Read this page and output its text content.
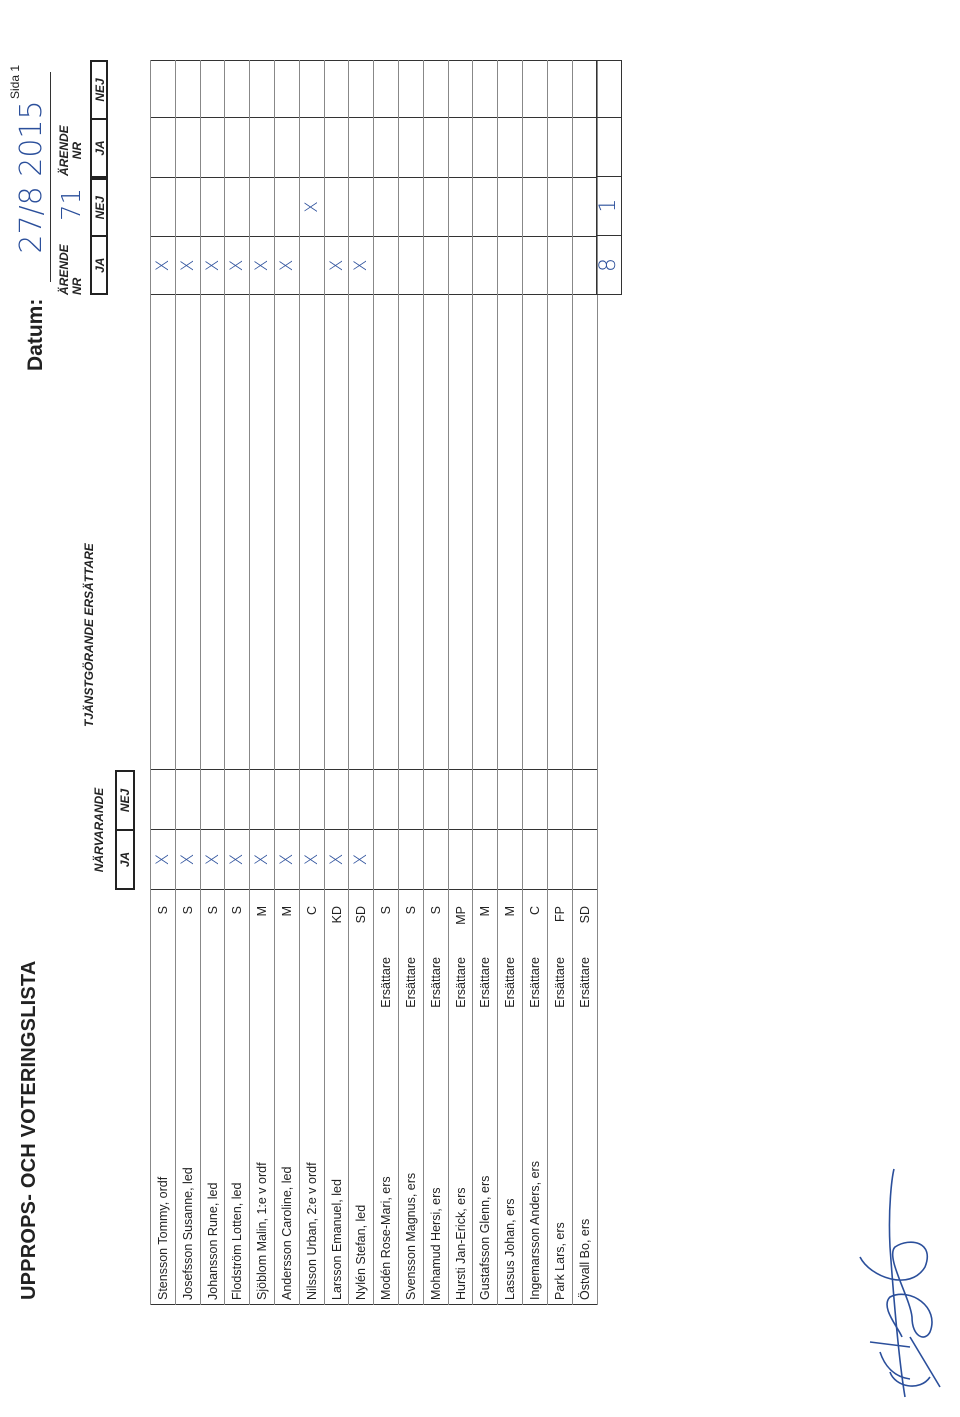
UPPROPS- OCH VOTERINGSLISTA
Datum:
27/8 2015
Sida 1
NÄRVARANDE JA
NEJ
TJÄNSTGÖRANDE ERSÄTTARE
ÄRENDE NR
71
JA
NEJ
ÄRENDE NR JA
NEJ
Stensson Tommy, ordf
S
X
X
Josefsson Susanne, led
S
X
X
Johansson Rune, led
S
X
X
Flodström Lotten, led
S
X
X
Sjöblom Malin, 1:e v ordf
M
X
X
Andersson Caroline, led
M
X
X
Nilsson Urban, 2:e v ordf
C
X
X
Larsson Emanuel, led
KD
X
X
Nylén Stefan, led
SD
X
X
Modén Rose-Mari, ers
Ersättare
S
Svensson Magnus, ers
Ersättare
S
Mohamud Hersi, ers
Ersättare
S
Hursti Jan-Erick, ers
Ersättare
MP
Gustafsson Glenn, ers
Ersättare
M
Lassus Johan, ers
Ersättare
M
Ingemarsson Anders, ers
Ersättare
C
Park Lars, ers
Ersättare
FP
Östvall Bo, ers
Ersättare
SD
8
1
